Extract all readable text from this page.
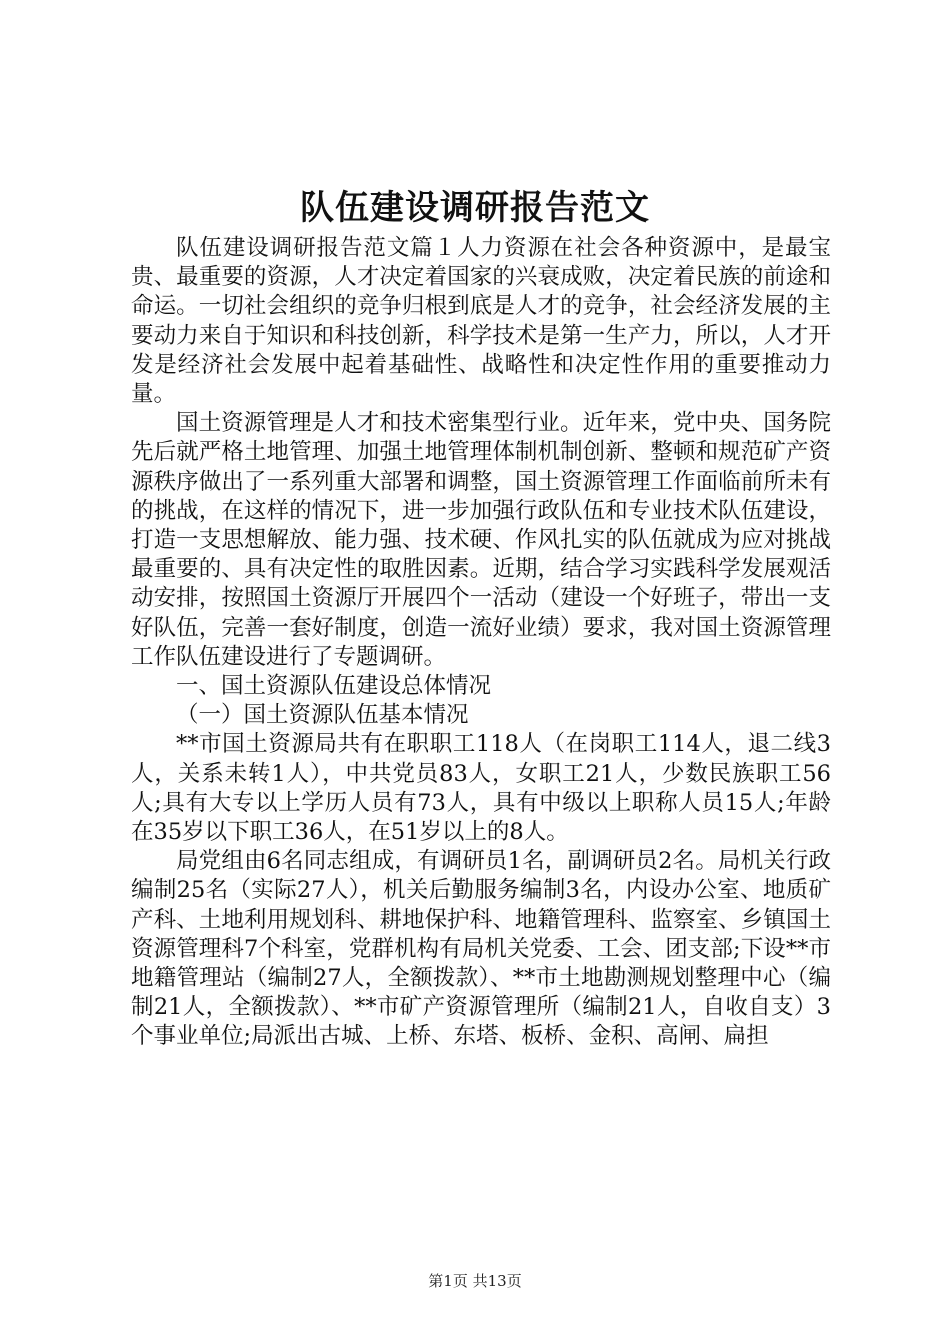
队伍建设调研报告范文

队伍建设调研报告范文篇１人力资源在社会各种资源中，是最宝贵、最重要的资源，人才决定着国家的兴衰成败，决定着民族的前途和命运。一切社会组织的竞争归根到底是人才的竞争，社会经济发展的主要动力来自于知识和科技创新，科学技术是第一生产力，所以，人才开发是经济社会发展中起着基础性、战略性和决定性作用的重要推动力量。

国土资源管理是人才和技术密集型行业。近年来，党中央、国务院先后就严格土地管理、加强土地管理体制机制创新、整顿和规范矿产资源秩序做出了一系列重大部署和调整，国土资源管理工作面临前所未有的挑战，在这样的情况下，进一步加强行政队伍和专业技术队伍建设，打造一支思想解放、能力强、技术硬、作风扎实的队伍就成为应对挑战最重要的、具有决定性的取胜因素。近期，结合学习实践科学发展观活动安排，按照国土资源厅开展四个一活动（建设一个好班子，带出一支好队伍，完善一套好制度，创造一流好业绩）要求，我对国土资源管理工作队伍建设进行了专题调研。

一、国土资源队伍建设总体情况

（一）国土资源队伍基本情况

**市国土资源局共有在职职工118人（在岗职工114人，退二线3人，关系未转1人），中共党员83人，女职工21人，少数民族职工56人;具有大专以上学历人员有73人，具有中级以上职称人员15人;年龄在35岁以下职工36人，在51岁以上的8人。

局党组由6名同志组成，有调研员1名，副调研员2名。局机关行政编制25名（实际27人），机关后勤服务编制3名，内设办公室、地质矿产科、土地利用规划科、耕地保护科、地籍管理科、监察室、乡镇国土资源管理科7个科室，党群机构有局机关党委、工会、团支部;下设**市地籍管理站（编制27人，全额拨款）、**市土地勘测规划整理中心（编制21人，全额拨款）、**市矿产资源管理所（编制21人，自收自支）3个事业单位;局派出古城、上桥、东塔、板桥、金积、高闸、扁担

第1页 共13页
